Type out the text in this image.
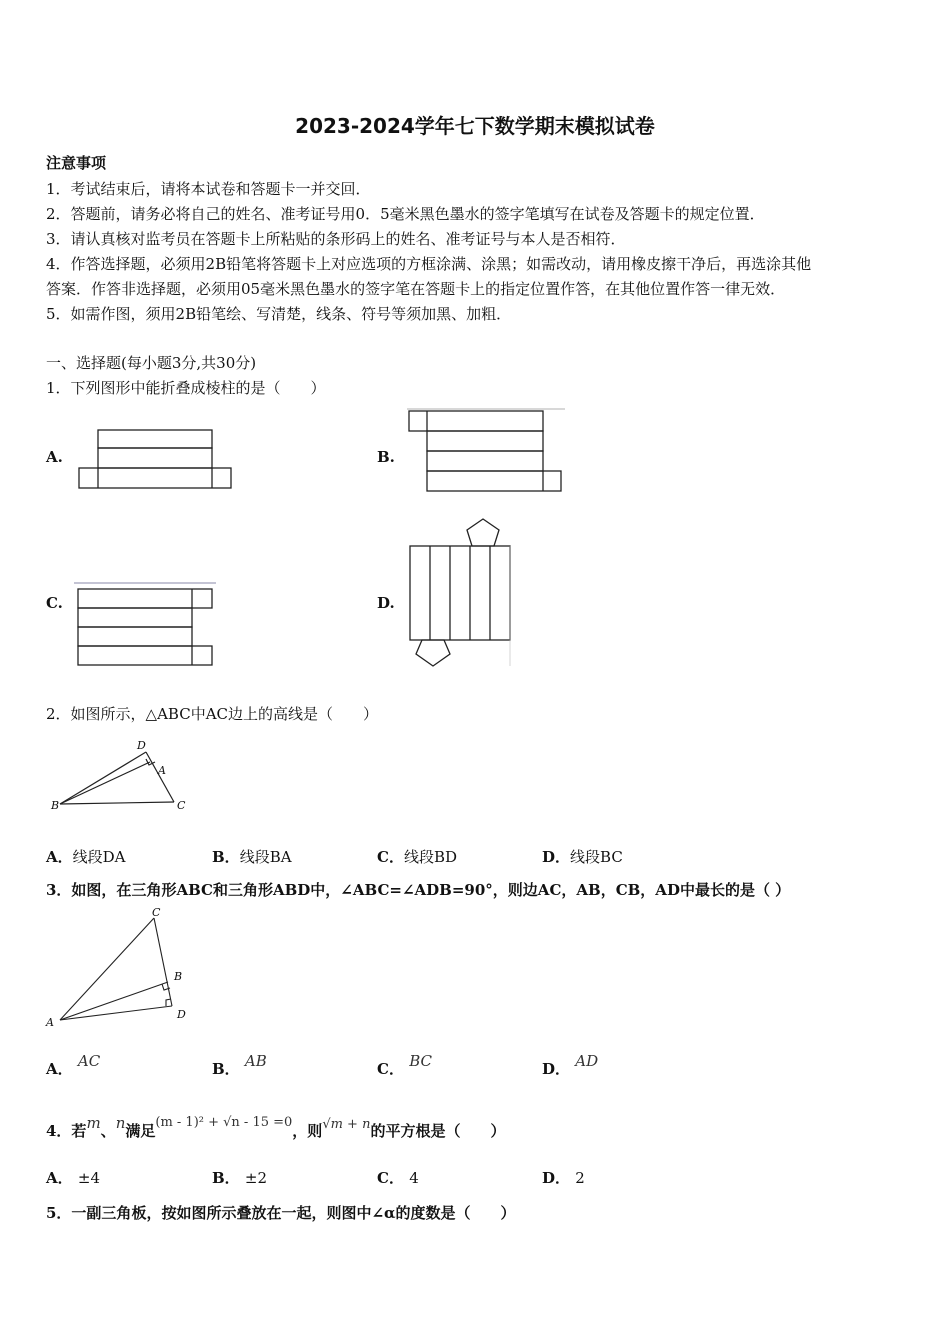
2023-2024学年七下数学期末模拟试卷
注意事项
1．考试结束后，请将本试卷和答题卡一并交回．
2．答题前，请务必将自己的姓名、准考证号用0．5毫米黑色墨水的签字笔填写在试卷及答题卡的规定位置．
3．请认真核对监考员在答题卡上所粘贴的条形码上的姓名、准考证号与本人是否相符．
4．作答选择题，必须用2B铅笔将答题卡上对应选项的方框涂满、涂黑；如需改动，请用橡皮擦干净后，再选涂其他
答案．作答非选择题，必须用05毫米黑色墨水的签字笔在答题卡上的指定位置作答，在其他位置作答一律无效．
5．如需作图，须用2B铅笔绘、写清楚，线条、符号等须加黑、加粗．
一、选择题(每小题3分,共30分)
1．下列图形中能折叠成棱柱的是（　　）
A.	B.
C.	D.
2．如图所示，△ABC中AC边上的高线是（　　）
D
A
B	C
A．线段DA	B．线段BA	C．线段BD	D．线段BC
3．如图，在三角形ABC和三角形ABD中，∠ABC=∠ADB=90°，则边AC，AB，CB，AD中最长的是（ ）
C
B
A
D
A． AC	B． AB	C． BC	D． AD
4．若m、n满足(m - 1)² + √n - 15 =0，则√m + n的平方根是（　　）
A． ±4	B． ±2	C． 4	D． 2
5．一副三角板，按如图所示叠放在一起，则图中∠α的度数是（　　）
